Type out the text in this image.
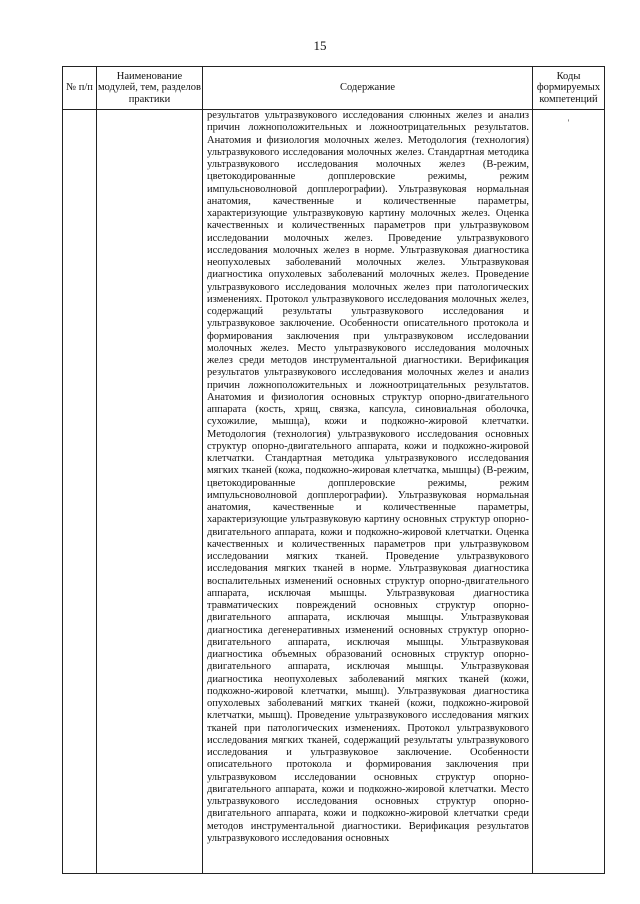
15
№ п/п	Наименование модулей, тем, разделов практики	Содержание	Коды формируемых компетенций

		результатов ультразвукового исследования слюнных желез и анализ причин ложноположительных и ложноотрицательных результатов. Анатомия и физиология молочных желез. Методология (технология) ультразвукового исследования молочных желез. Стандартная методика ультразвукового исследования молочных желез (В-режим, цветокодированные допплеровские режимы, режим импульсноволновой допплерографии). Ультразвуковая нормальная анатомия, качественные и количественные параметры, характеризующие ультразвуковую картину молочных желез. Оценка качественных и количественных параметров при ультразвуковом исследовании молочных желез. Проведение ультразвукового исследования молочных желез в норме. Ультразвуковая диагностика неопухолевых заболеваний молочных желез. Ультразвуковая диагностика опухолевых заболеваний молочных желез. Проведение ультразвукового исследования молочных желез при патологических изменениях. Протокол ультразвукового исследования молочных желез, содержащий результаты ультразвукового исследования и ультразвуковое заключение. Особенности описательного протокола и формирования заключения при ультразвуковом исследовании молочных желез. Место ультразвукового исследования молочных желез среди методов инструментальной диагностики. Верификация результатов ультразвукового исследования молочных желез и анализ причин ложноположительных и ложноотрицательных результатов. Анатомия и физиология основных структур опорно-двигательного аппарата (кость, хрящ, связка, капсула, синовиальная оболочка, сухожилие, мышца), кожи и подкожно-жировой клетчатки. Методология (технология) ультразвукового исследования основных структур опорно-двигательного аппарата, кожи и подкожно-жировой клетчатки. Стандартная методика ультразвукового исследования мягких тканей (кожа, подкожно-жировая клетчатка, мышцы) (В-режим, цветокодированные допплеровские режимы, режим импульсноволновой допплерографии). Ультразвуковая нормальная анатомия, качественные и количественные параметры, характеризующие ультразвуковую картину основных структур опорно-двигательного аппарата, кожи и подкожно-жировой клетчатки. Оценка качественных и количественных параметров при ультразвуковом исследовании мягких тканей. Проведение ультразвукового исследования мягких тканей в норме. Ультразвуковая диагностика воспалительных изменений основных структур опорно-двигательного аппарата, исключая мышцы. Ультразвуковая диагностика травматических повреждений основных структур опорно-двигательного аппарата, исключая мышцы. Ультразвуковая диагностика дегенеративных изменений основных структур опорно-двигательного аппарата, исключая мышцы. Ультразвуковая диагностика объемных образований основных структур опорно-двигательного аппарата, исключая мышцы. Ультразвуковая диагностика неопухолевых заболеваний мягких тканей (кожи, подкожно-жировой клетчатки, мышц). Ультразвуковая диагностика опухолевых заболеваний мягких тканей (кожи, подкожно-жировой клетчатки, мышц). Проведение ультразвукового исследования мягких тканей при патологических изменениях. Протокол ультразвукового исследования мягких тканей, содержащий результаты ультразвукового исследования и ультразвуковое заключение. Особенности описательного протокола и формирования заключения при ультразвуковом исследовании основных структур опорно-двигательного аппарата, кожи и подкожно-жировой клетчатки. Место ультразвукового исследования основных структур опорно-двигательного аппарата, кожи и подкожно-жировой клетчатки среди методов инструментальной диагностики. Верификация результатов ультразвукового исследования основных	'
